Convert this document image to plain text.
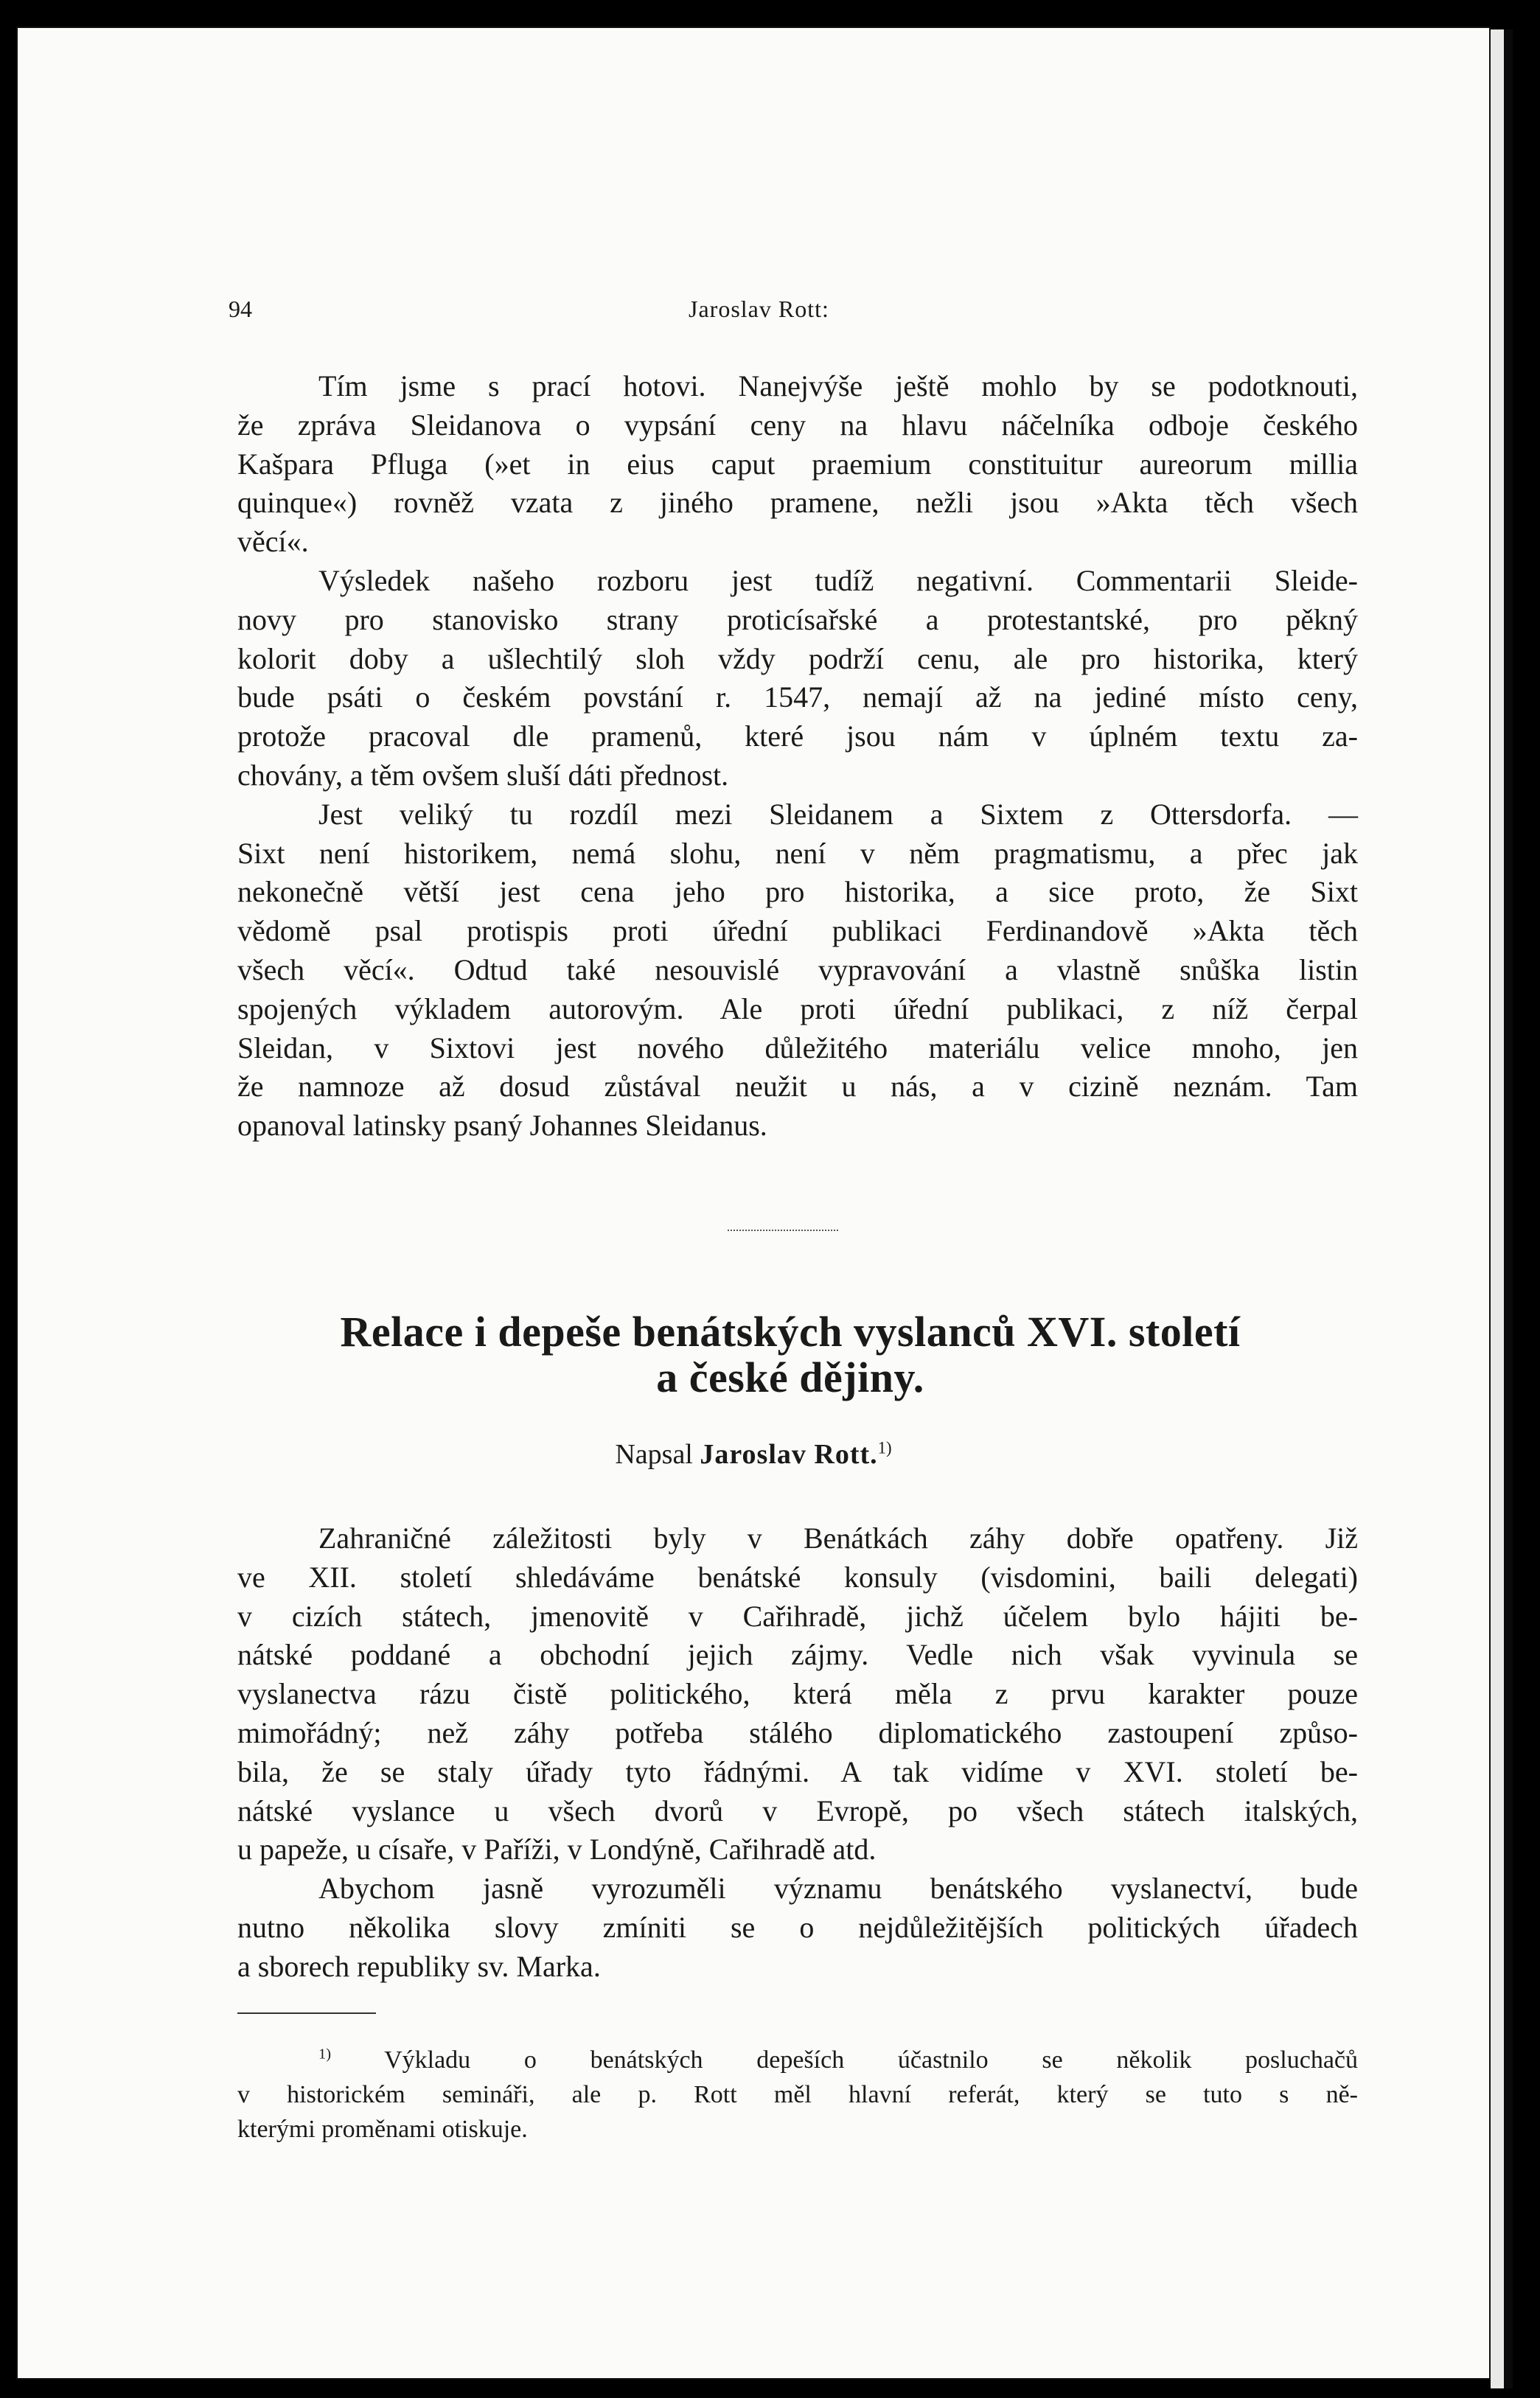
94	Jaroslav Rott:

Tím jsme s prací hotovi. Nanejvýše ještě mohlo by se podotknouti,

že zpráva Sleidanova o vypsání ceny na hlavu náčelníka odboje českého

Kašpara Pfluga (»et in eius caput praemium constituitur aureorum millia

quinque«) rovněž vzata z jiného pramene, nežli jsou »Akta těch všech

věcí«.

Výsledek našeho rozboru jest tudíž negativní. Commentarii Sleide-

novy pro stanovisko strany proticísařské a protestantské, pro pěkný

kolorit doby a ušlechtilý sloh vždy podrží cenu, ale pro historika, který

bude psáti o českém povstání r. 1547, nemají až na jediné místo ceny,

protože pracoval dle pramenů, které jsou nám v úplném textu za-

chovány, a těm ovšem sluší dáti přednost.

Jest veliký tu rozdíl mezi Sleidanem a Sixtem z Ottersdorfa. —

Sixt není historikem, nemá slohu, není v něm pragmatismu, a přec jak

nekonečně větší jest cena jeho pro historika, a sice proto, že Sixt

vědomě psal protispis proti úřední publikaci Ferdinandově »Akta těch

všech věcí«. Odtud také nesouvislé vypravování a vlastně snůška listin

spojených výkladem autorovým. Ale proti úřední publikaci, z níž čerpal

Sleidan, v Sixtovi jest nového důležitého materiálu velice mnoho, jen

že namnoze až dosud zůstával neužit u nás, a v cizině neznám. Tam

opanoval latinsky psaný Johannes Sleidanus.

Relace i depeše benátských vyslanců XVI. století
a české dějiny.
Napsal Jaroslav Rott.$^{1)}$

Zahraničné záležitosti byly v Benátkách záhy dobře opatřeny. Již

ve XII. století shledáváme benátské konsuly (visdomini, baili delegati)

v cizích státech, jmenovitě v Cařihradě, jichž účelem bylo hájiti be-

nátské poddané a obchodní jejich zájmy. Vedle nich však vyvinula se

vyslanectva rázu čistě politického, která měla z prvu karakter pouze

mimořádný; než záhy potřeba stálého diplomatického zastoupení způso-

bila, že se staly úřady tyto řádnými. A tak vidíme v XVI. století be-

nátské vyslance u všech dvorů v Evropě, po všech státech italských,

u papeže, u císaře, v Paříži, v Londýně, Cařihradě atd.

Abychom jasně vyrozuměli významu benátského vyslanectví, bude

nutno několika slovy zmíniti se o nejdůležitějších politických úřadech

a sborech republiky sv. Marka.

$^{1)}$ Výkladu o benátských depeších účastnilo se několik posluchačů

v historickém semináři, ale p. Rott měl hlavní referát, který se tuto s ně-

kterými proměnami otiskuje.
